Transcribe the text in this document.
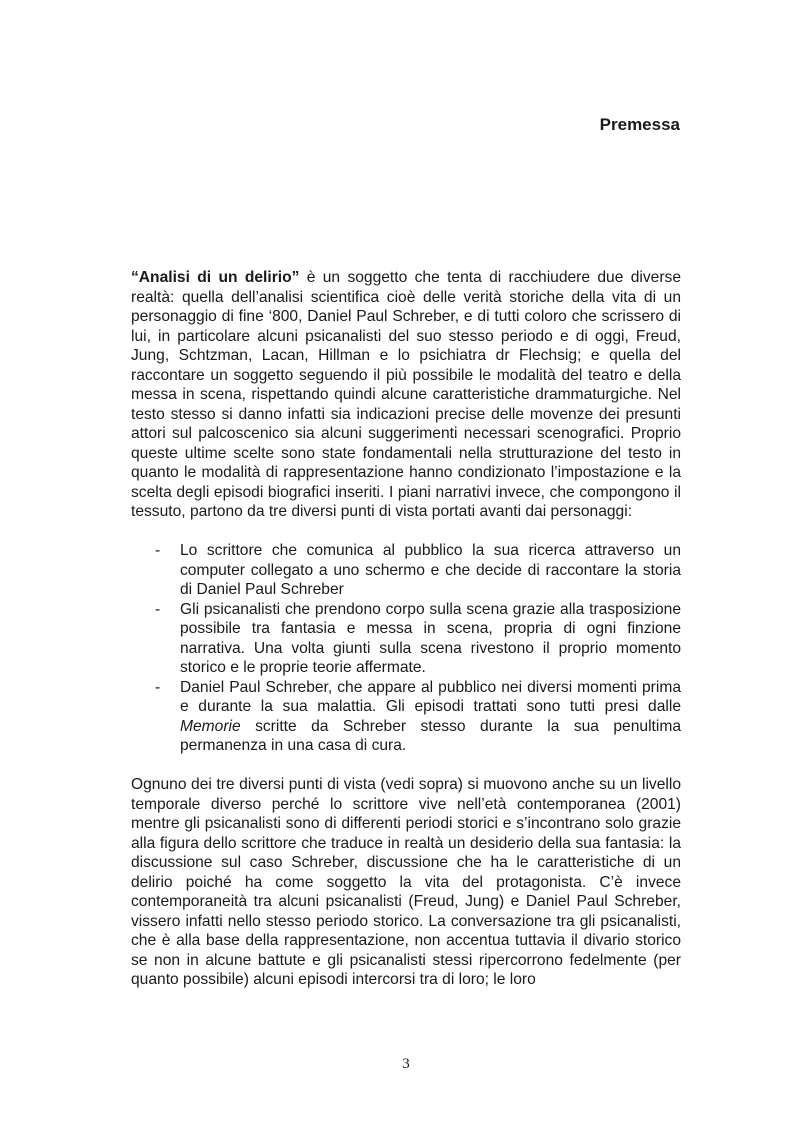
Premessa

“Analisi di un delirio” è un soggetto che tenta di racchiudere due diverse realtà: quella dell’analisi scientifica cioè delle verità storiche della vita di un personaggio di fine ‘800, Daniel Paul Schreber, e di tutti coloro che scrissero di lui, in particolare alcuni psicanalisti del suo stesso periodo e di oggi, Freud, Jung, Schtzman, Lacan, Hillman e lo psichiatra dr Flechsig; e quella del raccontare un soggetto seguendo il più possibile le modalità del teatro e della messa in scena, rispettando quindi alcune caratteristiche drammaturgiche. Nel testo stesso si danno infatti sia indicazioni precise delle movenze dei presunti attori sul palcoscenico sia alcuni suggerimenti necessari scenografici. Proprio queste ultime scelte sono state fondamentali nella strutturazione del testo in quanto le modalità di rappresentazione hanno condizionato l’impostazione e la scelta degli episodi biografici inseriti. I piani narrativi invece, che compongono il tessuto, partono da tre diversi punti di vista portati avanti dai personaggi:

- Lo scrittore che comunica al pubblico la sua ricerca attraverso un computer collegato a uno schermo e che decide di raccontare la storia di Daniel Paul Schreber
- Gli psicanalisti che prendono corpo sulla scena grazie alla trasposizione possibile tra fantasia e messa in scena, propria di ogni finzione narrativa. Una volta giunti sulla scena rivestono il proprio momento storico e le proprie teorie affermate.
- Daniel Paul Schreber, che appare al pubblico nei diversi momenti prima e durante la sua malattia. Gli episodi trattati sono tutti presi dalle Memorie scritte da Schreber stesso durante la sua penultima permanenza in una casa di cura.

Ognuno dei tre diversi punti di vista (vedi sopra) si muovono anche su un livello temporale diverso perché lo scrittore vive nell’età contemporanea (2001) mentre gli psicanalisti sono di differenti periodi storici e s’incontrano solo grazie alla figura dello scrittore che traduce in realtà un desiderio della sua fantasia: la discussione sul caso Schreber, discussione che ha le caratteristiche di un delirio poiché ha come soggetto la vita del protagonista. C’è invece contemporaneità tra alcuni psicanalisti (Freud, Jung) e Daniel Paul Schreber, vissero infatti nello stesso periodo storico. La conversazione tra gli psicanalisti, che è alla base della rappresentazione, non accentua tuttavia il divario storico se non in alcune battute e gli psicanalisti stessi ripercorrono fedelmente (per quanto possibile) alcuni episodi intercorsi tra di loro; le loro

3
